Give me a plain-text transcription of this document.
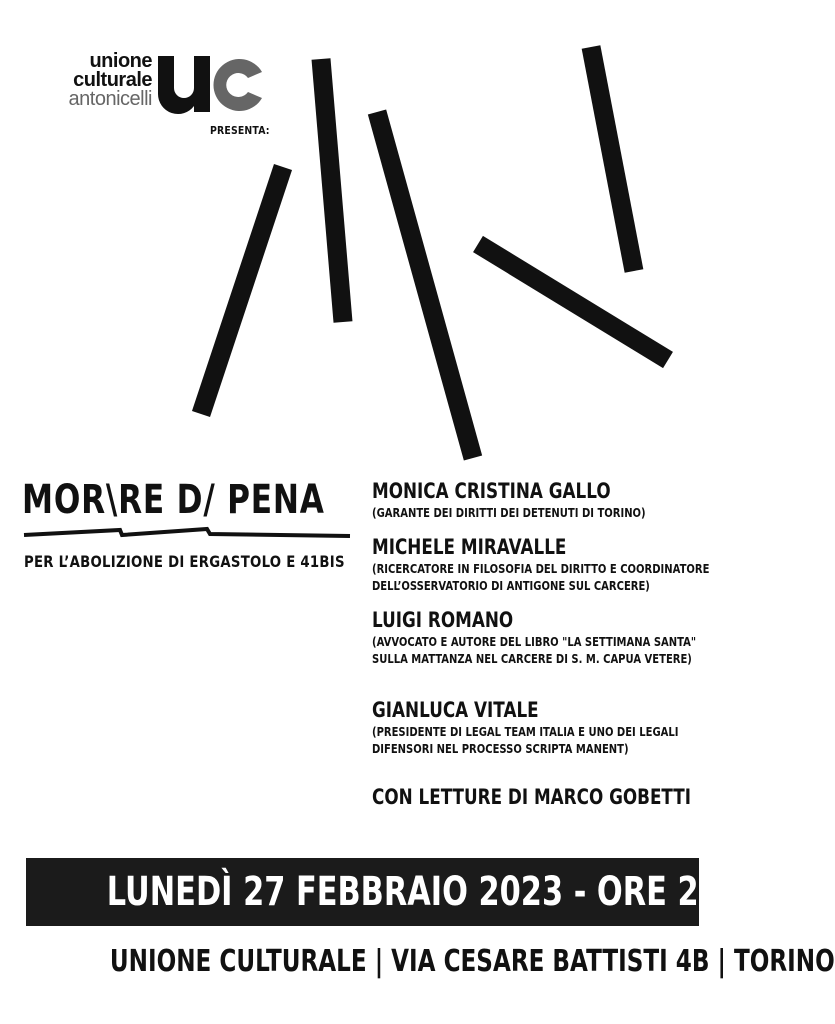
unione
culturale
antonicelli
PRESENTA:
MOR\RE D/ PENA
PER L’ABOLIZIONE DI ERGASTOLO E 41BIS
MONICA CRISTINA GALLO
(GARANTE DEI DIRITTI DEI DETENUTI DI TORINO)
MICHELE MIRAVALLE
(RICERCATORE IN FILOSOFIA DEL DIRITTO E COORDINATORE
DELL’OSSERVATORIO DI ANTIGONE SUL CARCERE)
LUIGI ROMANO
(AVVOCATO E AUTORE DEL LIBRO "LA SETTIMANA SANTA"
SULLA MATTANZA NEL CARCERE DI S. M. CAPUA VETERE)
GIANLUCA VITALE
(PRESIDENTE DI LEGAL TEAM ITALIA E UNO DEI LEGALI
DIFENSORI NEL PROCESSO SCRIPTA MANENT)
CON LETTURE DI MARCO GOBETTI
LUNEDÌ 27 FEBBRAIO 2023 - ORE 20:45
UNIONE CULTURALE | VIA CESARE BATTISTI 4B | TORINO
